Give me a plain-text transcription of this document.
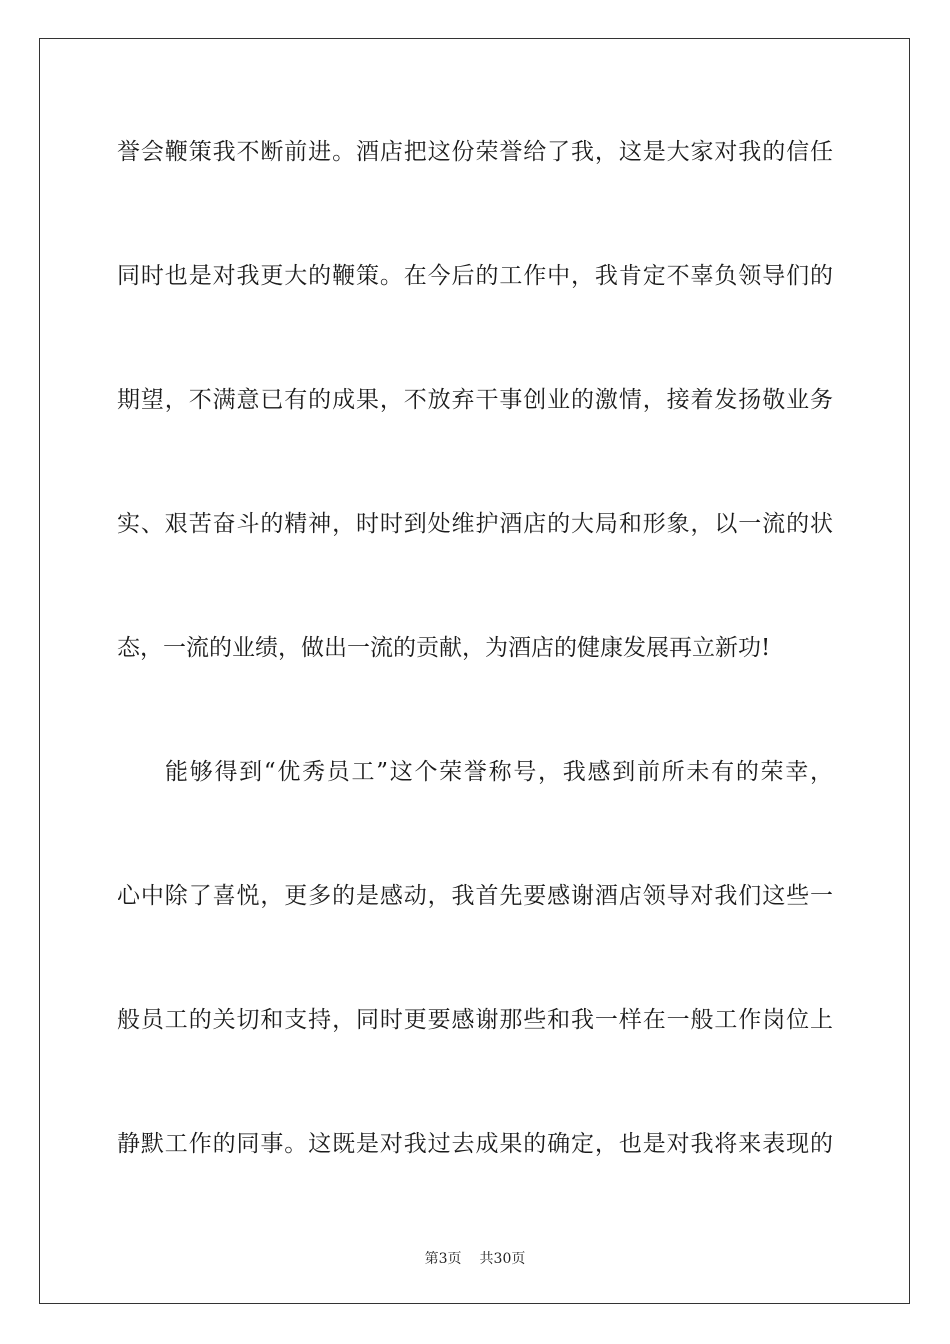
誉会鞭策我不断前进。酒店把这份荣誉给了我，这是大家对我的信任
同时也是对我更大的鞭策。在今后的工作中，我肯定不辜负领导们的
期望，不满意已有的成果，不放弃干事创业的激情，接着发扬敬业务
实、艰苦奋斗的精神，时时到处维护酒店的大局和形象，以一流的状
态，一流的业绩，做出一流的贡献，为酒店的健康发展再立新功!
能够得到“优秀员工”这个荣誉称号，我感到前所未有的荣幸，
心中除了喜悦，更多的是感动，我首先要感谢酒店领导对我们这些一
般员工的关切和支持，同时更要感谢那些和我一样在一般工作岗位上
静默工作的同事。这既是对我过去成果的确定，也是对我将来表现的
第3页 共30页
